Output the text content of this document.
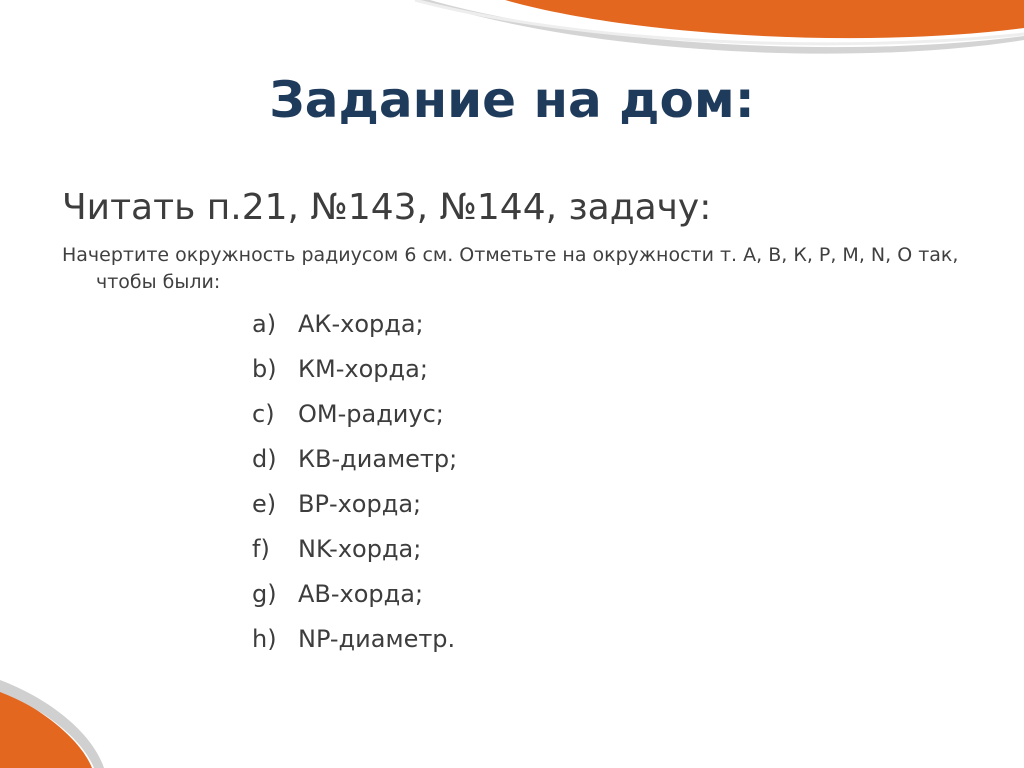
Задание на дом:
Читать п.21, №143, №144, задачу:

Начертите окружность радиусом 6 см. Отметьте на окружности т. А, В, К, Р, М, N, О так, чтобы были:

a) АК-хорда;
b) КМ-хорда;
c) ОМ-радиус;
d) КВ-диаметр;
e) ВР-хорда;
f) NK-хорда;
g) АВ-хорда;
h) NP-диаметр.
